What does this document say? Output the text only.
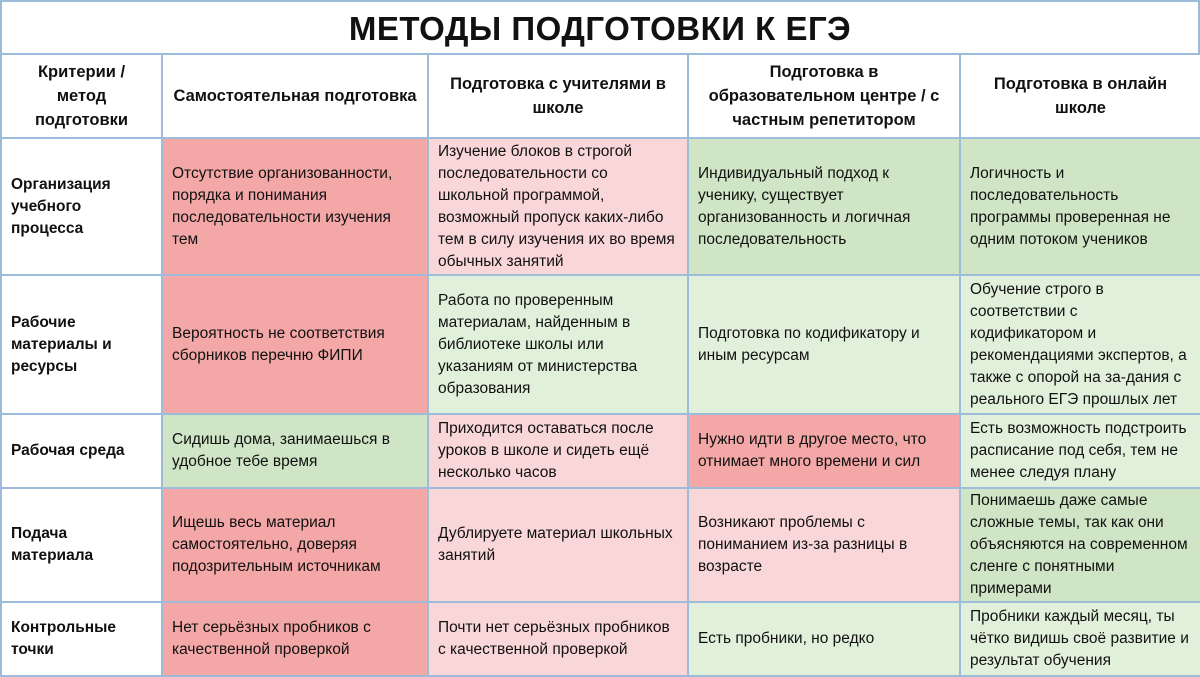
МЕТОДЫ ПОДГОТОВКИ К ЕГЭ
Критерии / метод подготовки	Самостоятельная подготовка	Подготовка с учителями в школе	Подготовка в образовательном центре / с частным репетитором	Подготовка в онлайн школе
Организация учебного процесса	Отсутствие организованности, порядка и понимания последовательности изучения тем	Изучение блоков в строгой последовательности со школьной программой, возможный пропуск каких-либо тем в силу изучения их во время обычных занятий	Индивидуальный подход к ученику, существует организованность и логичная последовательность	Логичность и последовательность программы проверенная не одним потоком учеников
Рабочие материалы и ресурсы	Вероятность не соответствия сборников перечню ФИПИ	Работа по проверенным материалам, найденным в библиотеке школы или указаниям от министерства образования	Подготовка по кодификатору и иным ресурсам	Обучение строго в соответствии с кодификатором и рекомендациями экспертов, а также с опорой на за-дания с реального ЕГЭ прошлых лет
Рабочая среда	Сидишь дома, занимаешься в удобное тебе время	Приходится оставаться после уроков в школе и сидеть ещё несколько часов	Нужно идти в другое место, что отнимает много времени и сил	Есть возможность подстроить расписание под себя, тем не менее следуя плану
Подача материала	Ищешь весь материал самостоятельно, доверяя подозрительным источникам	Дублируете материал школьных занятий	Возникают проблемы с пониманием из-за разницы в возрасте	Понимаешь даже самые сложные темы, так как они объясняются на современном сленге с понятными примерами
Контрольные точки	Нет серьёзных пробников с качественной проверкой	Почти нет серьёзных пробников с качественной проверкой	Есть пробники, но редко	Пробники каждый месяц, ты чётко видишь своё развитие и результат обучения
